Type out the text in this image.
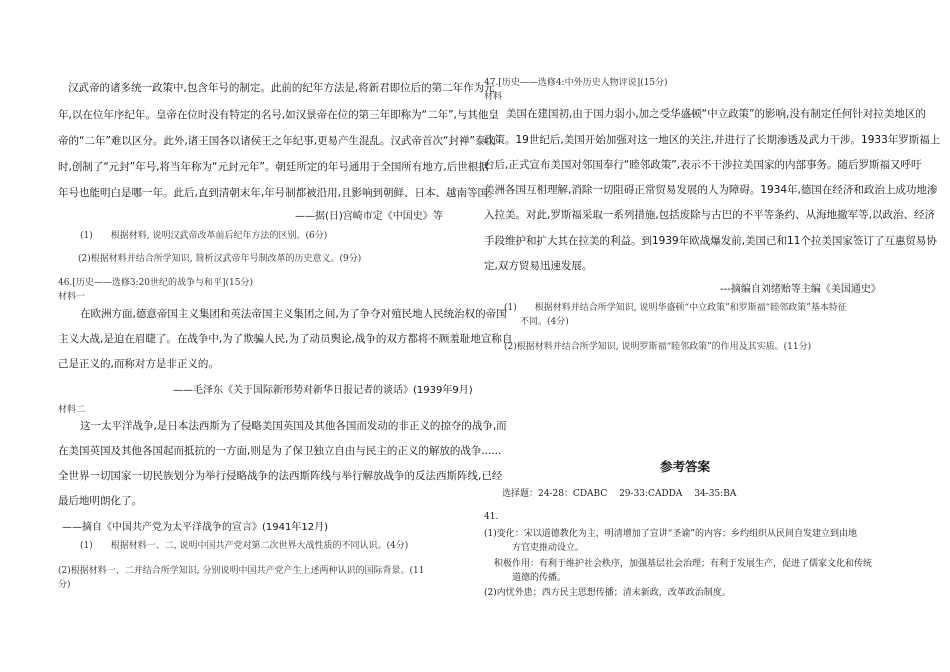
汉武帝的诸多统一政策中,包含年号的制定。此前的纪年方法是,将新君即位后的第二年作为元
年,以在位年序纪年。皇帝在位时没有特定的名号,如汉景帝在位的第三年即称为“二年”,与其他皇
帝的“二年”难以区分。此外,诸王国各以诸侯王之年纪事,更易产生混乱。汉武帝首次“封禅”泰山
时,创制了“元封”年号,将当年称为“元封元年”。朝廷所定的年号通用于全国所有地方,后世根据
年号也能明白是哪一年。此后,直到清朝末年,年号制都被沿用,且影响到朝鲜、日本、越南等国。
——据(日)宫崎市定《中国史》等
(1)　　根据材料, 说明汉武帝改革前后纪年方法的区别。(6分)
(2)根据材料并结合所学知识, 简析汉武帝年号制改革的历史意义。(9分)
46.[历史——选修3:20世纪的战争与和平](15分)
材料一
在欧洲方面,德意帝国主义集团和英法帝国主义集团之间,为了争夺对殖民地人民统治权的帝国
主义大战,是迫在眉睫了。在战争中,为了欺骗人民,为了动员舆论,战争的双方都将不顾羞耻地宣称自
己是正义的,而称对方是非正义的。
——毛泽东《关于国际新形势对新华日报记者的谈话》(1939年9月)
材料二
这一太平洋战争,是日本法西斯为了侵略美国英国及其他各国而发动的非正义的掠夺的战争,而
在美国英国及其他各国起而抵抗的一方面,则是为了保卫独立自由与民主的正义的解放的战争......
全世界一切国家一切民族划分为举行侵略战争的法西斯阵线与举行解放战争的反法西斯阵线,已经
最后地明朗化了。
——摘自《中国共产党为太平洋战争的宣言》(1941年12月)
(1)　　根据材料一、二, 说明中国共产党对第二次世界大战性质的不同认识。(4分)
(2)根据材料一、二并结合所学知识, 分别说明中国共产党产生上述两种认识的国际背景。(11
分)
47.[历史——选修4:中外历史人物评说](15分)
材料
美国在建国初,由于国力弱小,加之受华盛顿“中立政策”的影响,没有制定任何针对拉美地区的
政策。19世纪后,美国开始加强对这一地区的关注,并进行了长期渗透及武力干涉。1933年罗斯福上
台后,正式宣布美国对邻国奉行“睦邻政策”,表示不干涉拉美国家的内部事务。随后罗斯福又呼吁
美洲各国互相理解,消除一切阻碍正常贸易发展的人为障碍。1934年,德国在经济和政治上成功地渗
入拉美。对此,罗斯福采取一系列措施,包括废除与古巴的不平等条约、从海地撤军等,以政治、经济
手段维护和扩大其在拉美的利益。到1939年欧战爆发前,美国已和11个拉美国家签订了互惠贸易协
定,双方贸易迅速发展。
---摘编自刘绪贻等主编《美国通史》
(1)　　根据材料并结合所学知识, 说明华盛顿“中立政策”和罗斯福“睦邻政策”基本特征
不同。(4分)
(2)根据材料并结合所学知识, 说明罗斯福“睦邻政策”的作用及其实质。(11分)
参考答案
选择题：24-28：CDABC　 29-33:CADDA　 34-35:BA
41.
(1)变化：宋以道德教化为主，明清增加了宣讲“圣谕”的内容；乡约组织从民间自发建立到由地
方官吏推动设立。
积极作用：有利于维护社会秩序，加强基层社会治理；有利于发展生产，促进了儒家文化和传统
道德的传播。
(2)内忧外患；西方民主思想传播；清末新政，改革政治制度。
